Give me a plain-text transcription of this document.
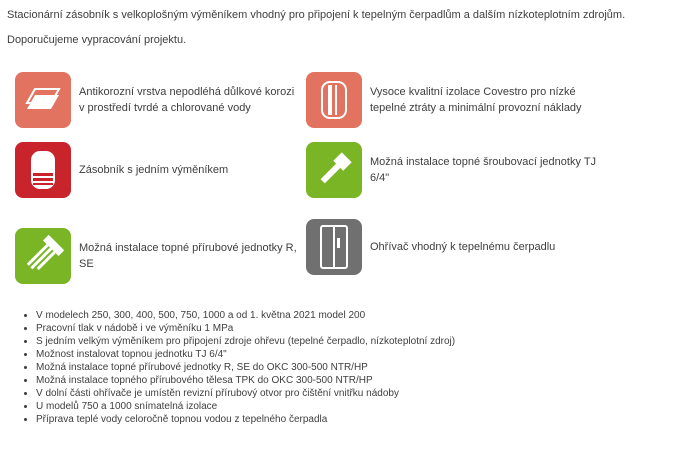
Stacionární zásobník s velkoplošným výměníkem vhodný pro připojení k tepelným čerpadlům a dalším nízkoteplotním zdrojům.
Doporučujeme vypracování projektu.
Antikorozní vrstva nepodléhá důlkové korozi
v prostředí tvrdé a chlorované vody
Vysoce kvalitní izolace Covestro pro nízké
tepelné ztráty a minimální provozní náklady
Zásobník s jedním výměníkem
Možná instalace topné šroubovací jednotky TJ
6/4"
Možná instalace topné přírubové jednotky R,
SE
Ohřívač vhodný k tepelnému čerpadlu
• V modelech 250, 300, 400, 500, 750, 1000 a od 1. května 2021 model 200
• Pracovní tlak v nádobě i ve výměníku 1 MPa
• S jedním velkým výměníkem pro připojení zdroje ohřevu (tepelné čerpadlo, nízkoteplotní zdroj)
• Možnost instalovat topnou jednotku TJ 6/4"
• Možná instalace topné přírubové jednotky R, SE do OKC 300-500 NTR/HP
• Možná instalace topného přírubového tělesa TPK do OKC 300-500 NTR/HP
• V dolní části ohřívače je umístěn revizní přírubový otvor pro čištění vnitřku nádoby
• U modelů 750 a 1000 snímatelná izolace
• Příprava teplé vody celoročně topnou vodou z tepelného čerpadla
